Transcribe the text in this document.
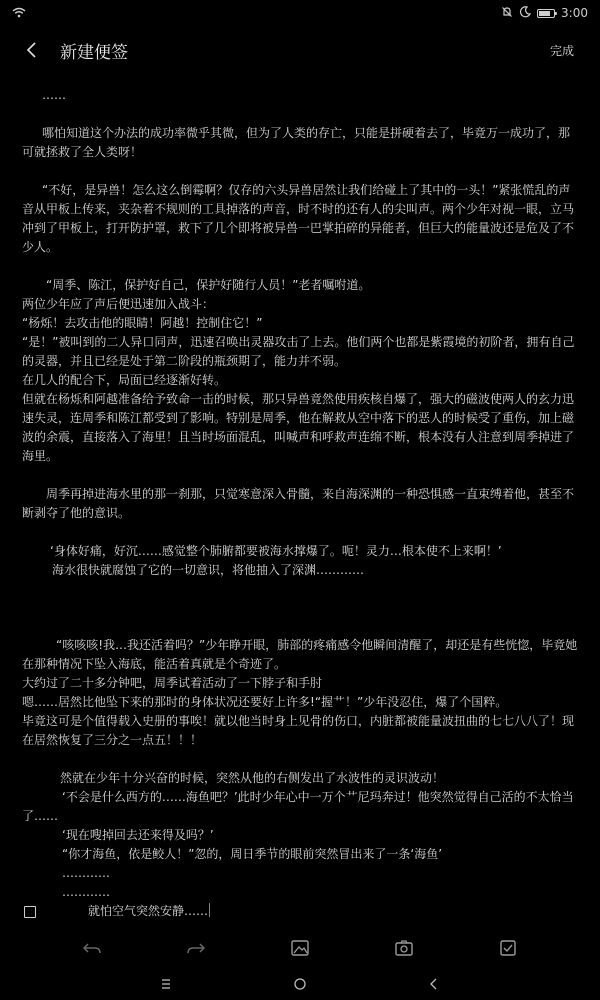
3:00
新建便签	完成

……

哪怕知道这个办法的成功率微乎其微，但为了人类的存亡，只能是拼硬着去了，毕竟万一成功了，那可就拯救了全人类呀！

“不好，是异兽！怎么这么倒霉啊？仅存的六头异兽居然让我们给碰上了其中的一头！”紧张慌乱的声音从甲板上传来，夹杂着不规则的工具掉落的声音，时不时的还有人的尖叫声。两个少年对视一眼，立马冲到了甲板上，打开防护罩，救下了几个即将被异兽一巴掌拍碎的异能者，但巨大的能量波还是危及了不少人。

“周季、陈江，保护好自己，保护好随行人员！”老者嘱咐道。

两位少年应了声后便迅速加入战斗：

“杨烁！去攻击他的眼睛！阿越！控制住它！”

“是！”被叫到的二人异口同声，迅速召唤出灵器攻击了上去。他们两个也都是紫霞境的初阶者，拥有自己的灵器，并且已经是处于第二阶段的瓶颈期了，能力并不弱。

在几人的配合下，局面已经逐渐好转。

但就在杨烁和阿越准备给予致命一击的时候，那只异兽竟然使用疾核自爆了，强大的磁波使两人的玄力迅速失灵，连周季和陈江都受到了影响。特别是周季，他在解救从空中落下的恶人的时候受了重伤，加上磁波的余震，直接落入了海里！且当时场面混乱，叫喊声和呼救声连绵不断，根本没有人注意到周季掉进了海里。

周季再掉进海水里的那一刹那，只觉寒意深入骨髓，来自海深渊的一种恐惧感一直束缚着他，甚至不断剥夺了他的意识。

‘身体好痛，好沉……感觉整个肺腑都要被海水撑爆了。呃！灵力…根本使不上来啊！’

海水很快就腐蚀了它的一切意识，将他抽入了深渊…………

“咳咳咳!我…我还活着吗？”少年睁开眼，肺部的疼痛感令他瞬间清醒了，却还是有些恍惚，毕竟她在那种情况下坠入海底，能活着真就是个奇迹了。

大约过了二十多分钟吧，周季试着活动了一下脖子和手肘

嗯……居然比他坠下来的那时的身体状况还要好上许多!“握艹！”少年没忍住，爆了个国粹。

毕竟这可是个值得载入史册的事唉！就以他当时身上见骨的伤口，内脏都被能量波扭曲的七七八八了！现在居然恢复了三分之一点五！！！

然就在少年十分兴奋的时候，突然从他的右侧发出了水波性的灵识波动！

‘不会是什么西方的……海鱼吧？’此时少年心中一万个艹尼玛奔过！他突然觉得自己活的不太恰当了……

‘现在嗖掉回去还来得及吗？’

“你才海鱼，依是鲛人！”忽的，周日季节的眼前突然冒出来了一条‘海鱼’

…………

…………

就怕空气突然安静……
